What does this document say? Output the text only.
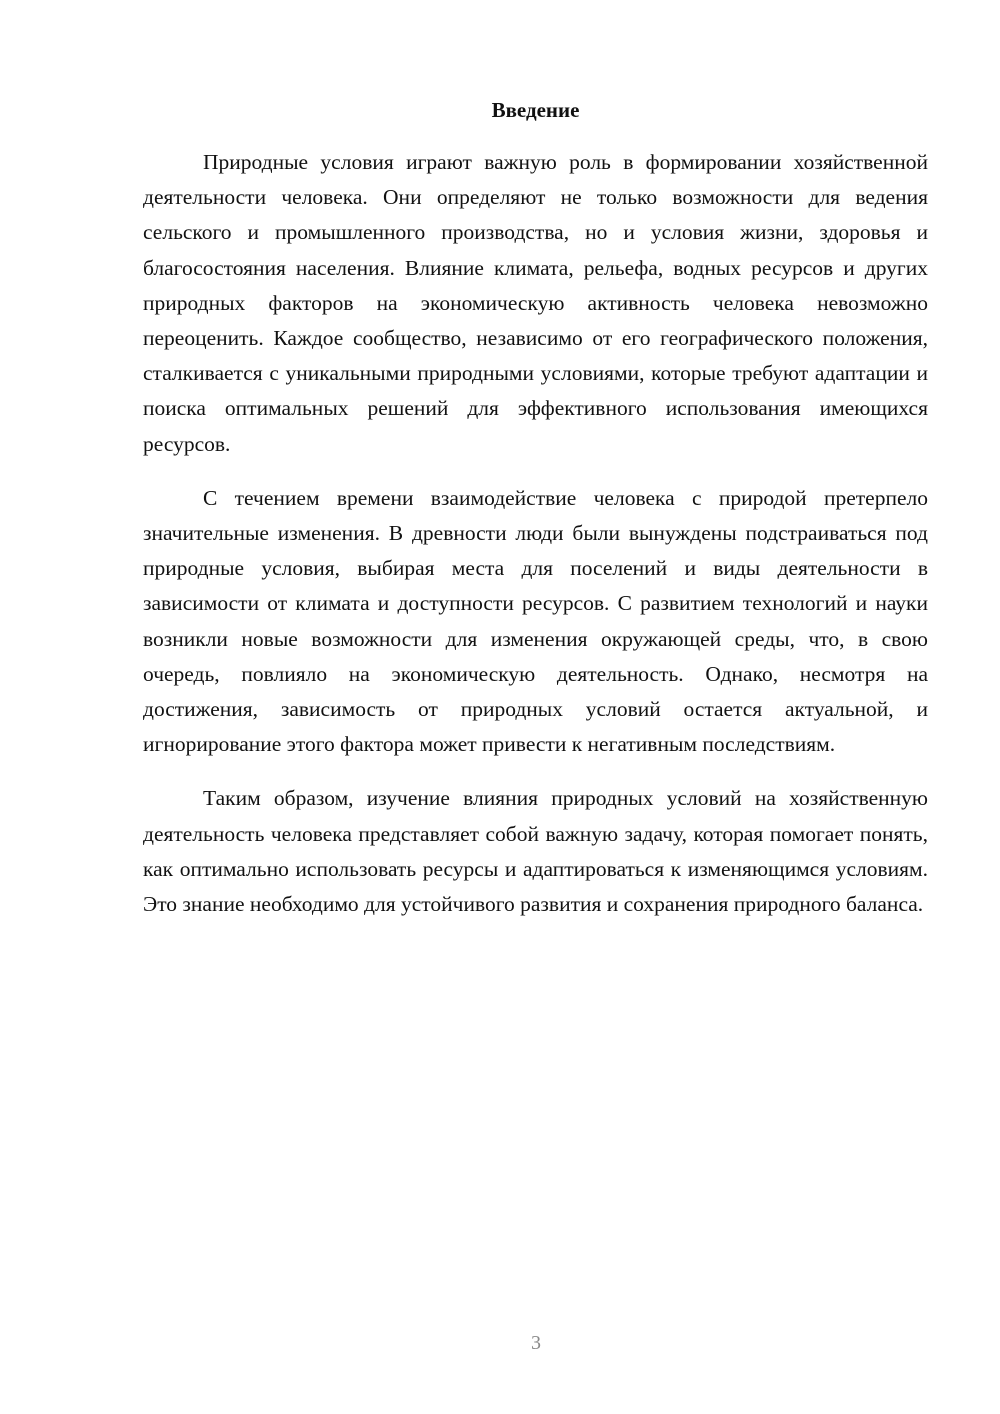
Введение

Природные условия играют важную роль в формировании хозяйственной деятельности человека. Они определяют не только возможности для ведения сельского и промышленного производства, но и условия жизни, здоровья и благосостояния населения. Влияние климата, рельефа, водных ресурсов и других природных факторов на экономическую активность человека невозможно переоценить. Каждое сообщество, независимо от его географического положения, сталкивается с уникальными природными условиями, которые требуют адаптации и поиска оптимальных решений для эффективного использования имеющихся ресурсов.

С течением времени взаимодействие человека с природой претерпело значительные изменения. В древности люди были вынуждены подстраиваться под природные условия, выбирая места для поселений и виды деятельности в зависимости от климата и доступности ресурсов. С развитием технологий и науки возникли новые возможности для изменения окружающей среды, что, в свою очередь, повлияло на экономическую деятельность. Однако, несмотря на достижения, зависимость от природных условий остается актуальной, и игнорирование этого фактора может привести к негативным последствиям.

Таким образом, изучение влияния природных условий на хозяйственную деятельность человека представляет собой важную задачу, которая помогает понять, как оптимально использовать ресурсы и адаптироваться к изменяющимся условиям. Это знание необходимо для устойчивого развития и сохранения природного баланса.

3
